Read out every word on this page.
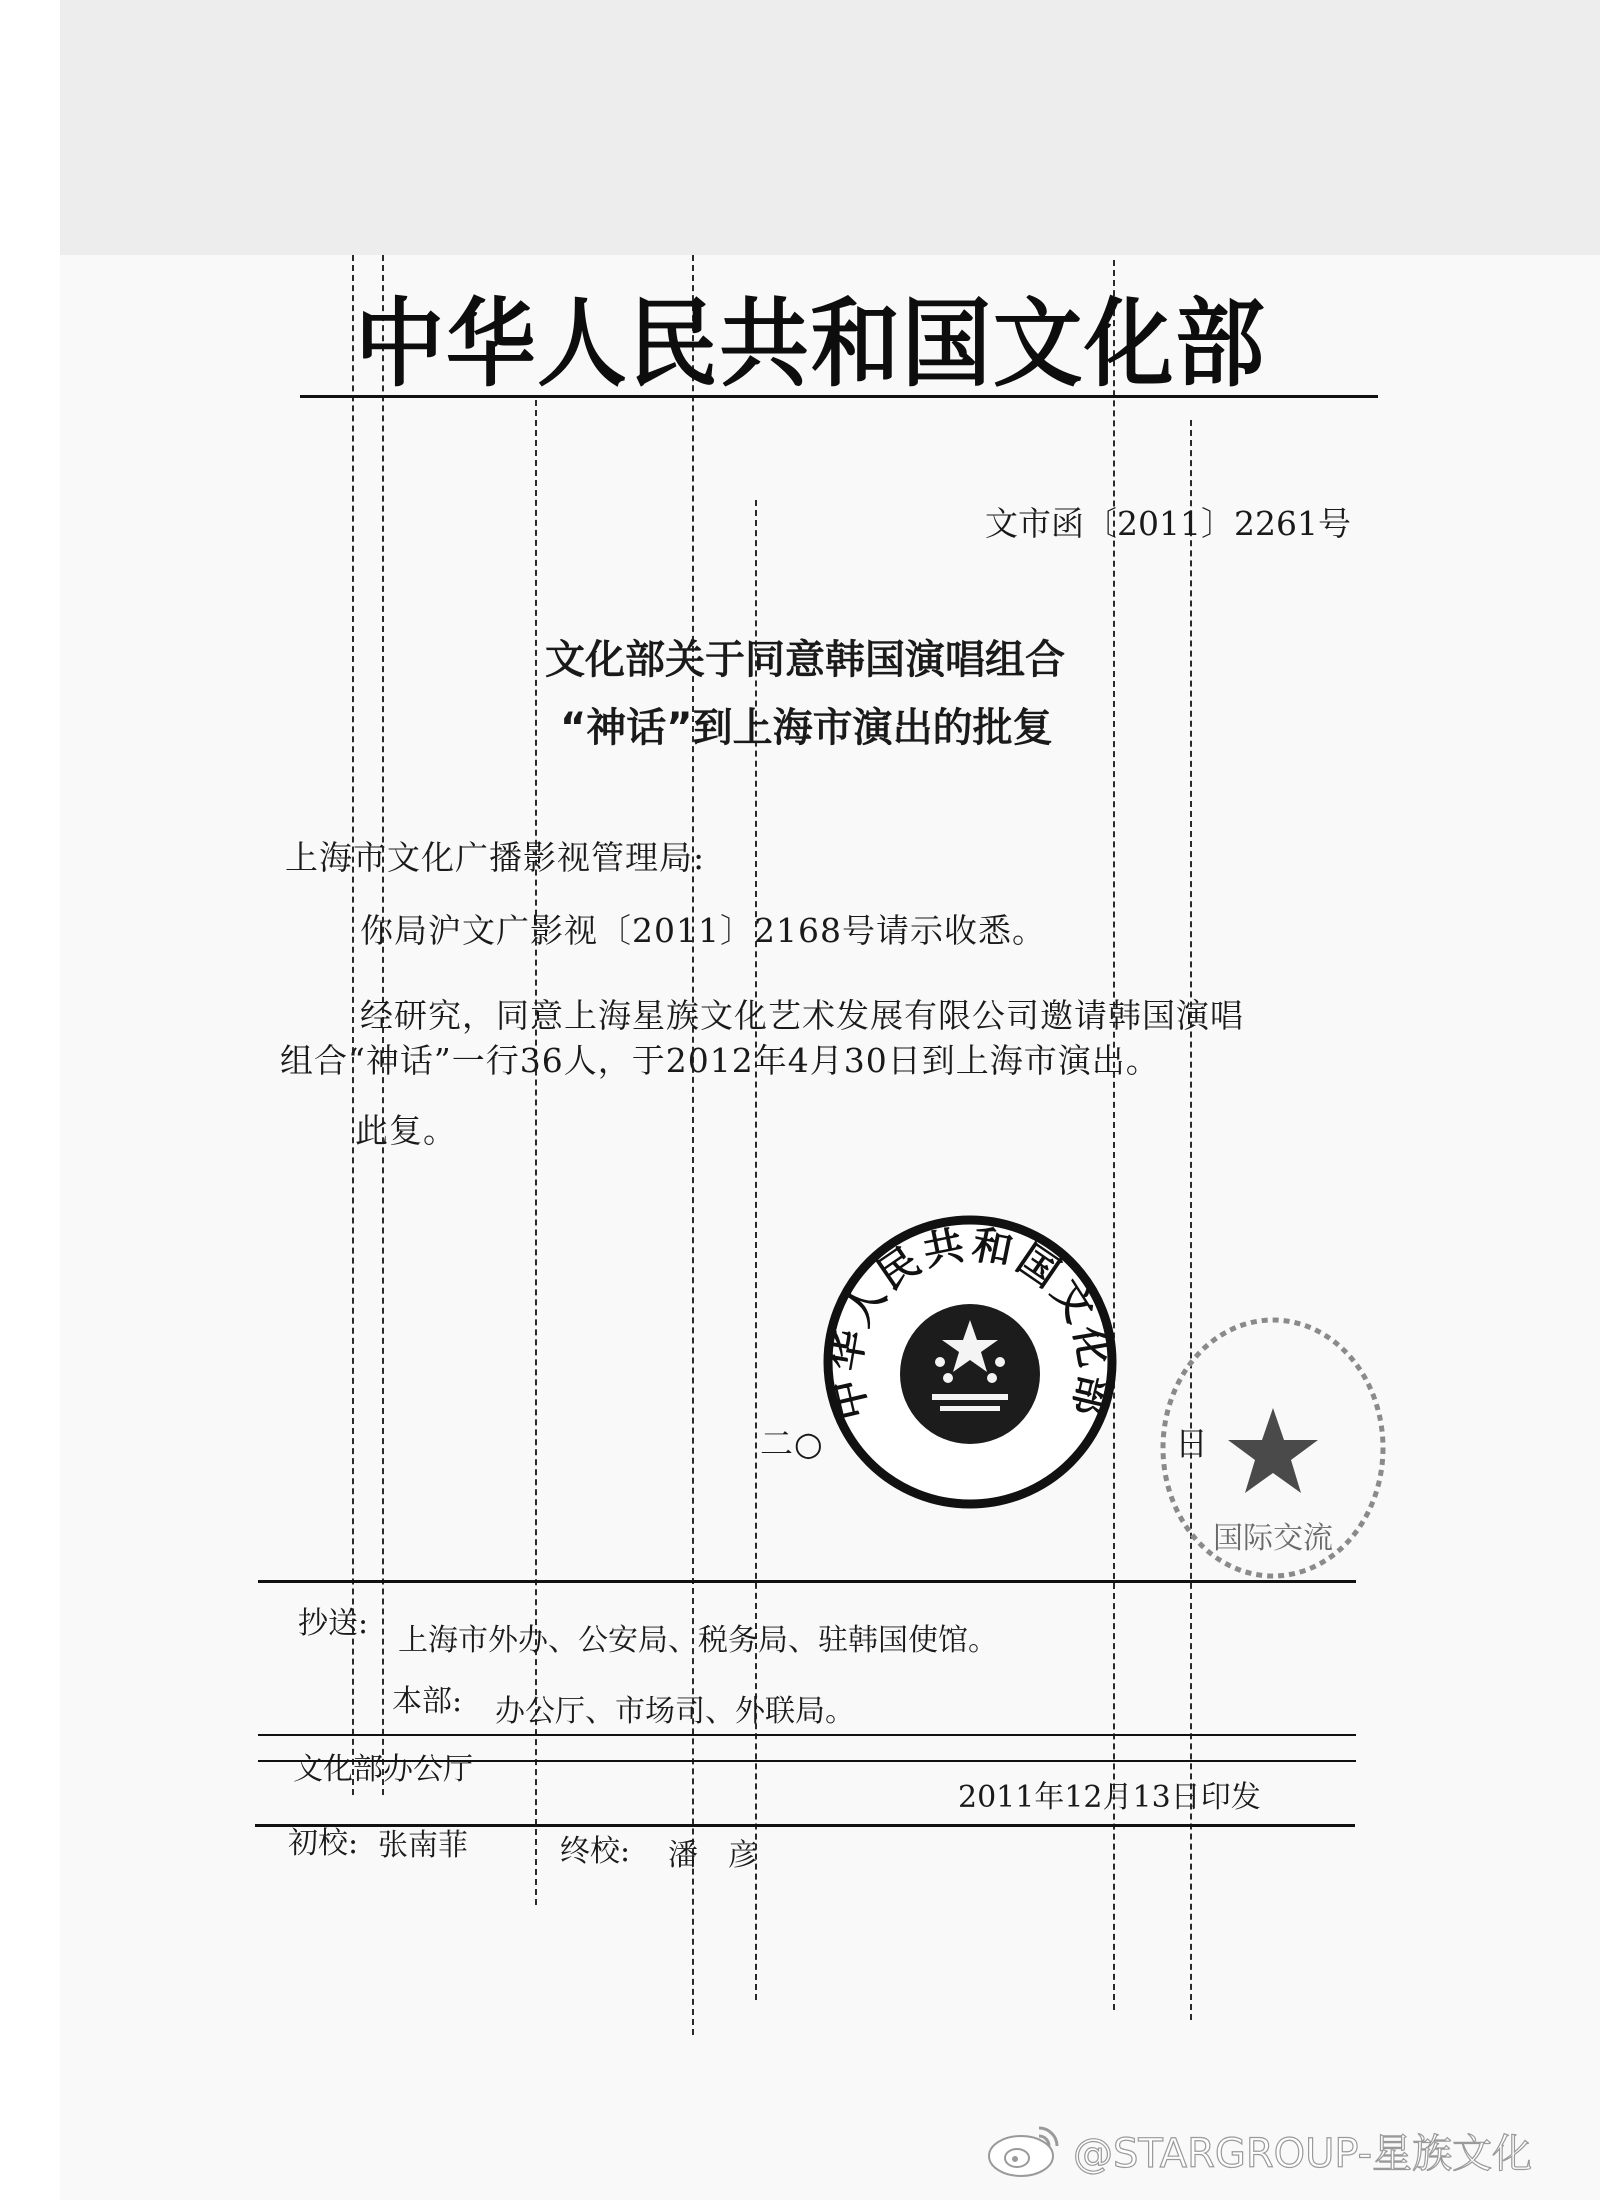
中华人民共和国文化部
文市函〔2011〕2261号
文化部关于同意韩国演唱组合
“神话”到上海市演出的批复
上海市文化广播影视管理局:
你局沪文广影视〔2011〕2168号请示收悉。
经研究，同意上海星族文化艺术发展有限公司邀请韩国演唱
组合“神话”一行36人，于2012年4月30日到上海市演出。
此复。
二○	日
国际交流
中华人民共和国文化部
抄送: 上海市外办、公安局、税务局、驻韩国使馆。
本部: 办公厅、市场司、外联局。
文化部办公厅
2011年12月13日印发
初校: 张南菲	终校: 潘　彦
@STARGROUP-星族文化
